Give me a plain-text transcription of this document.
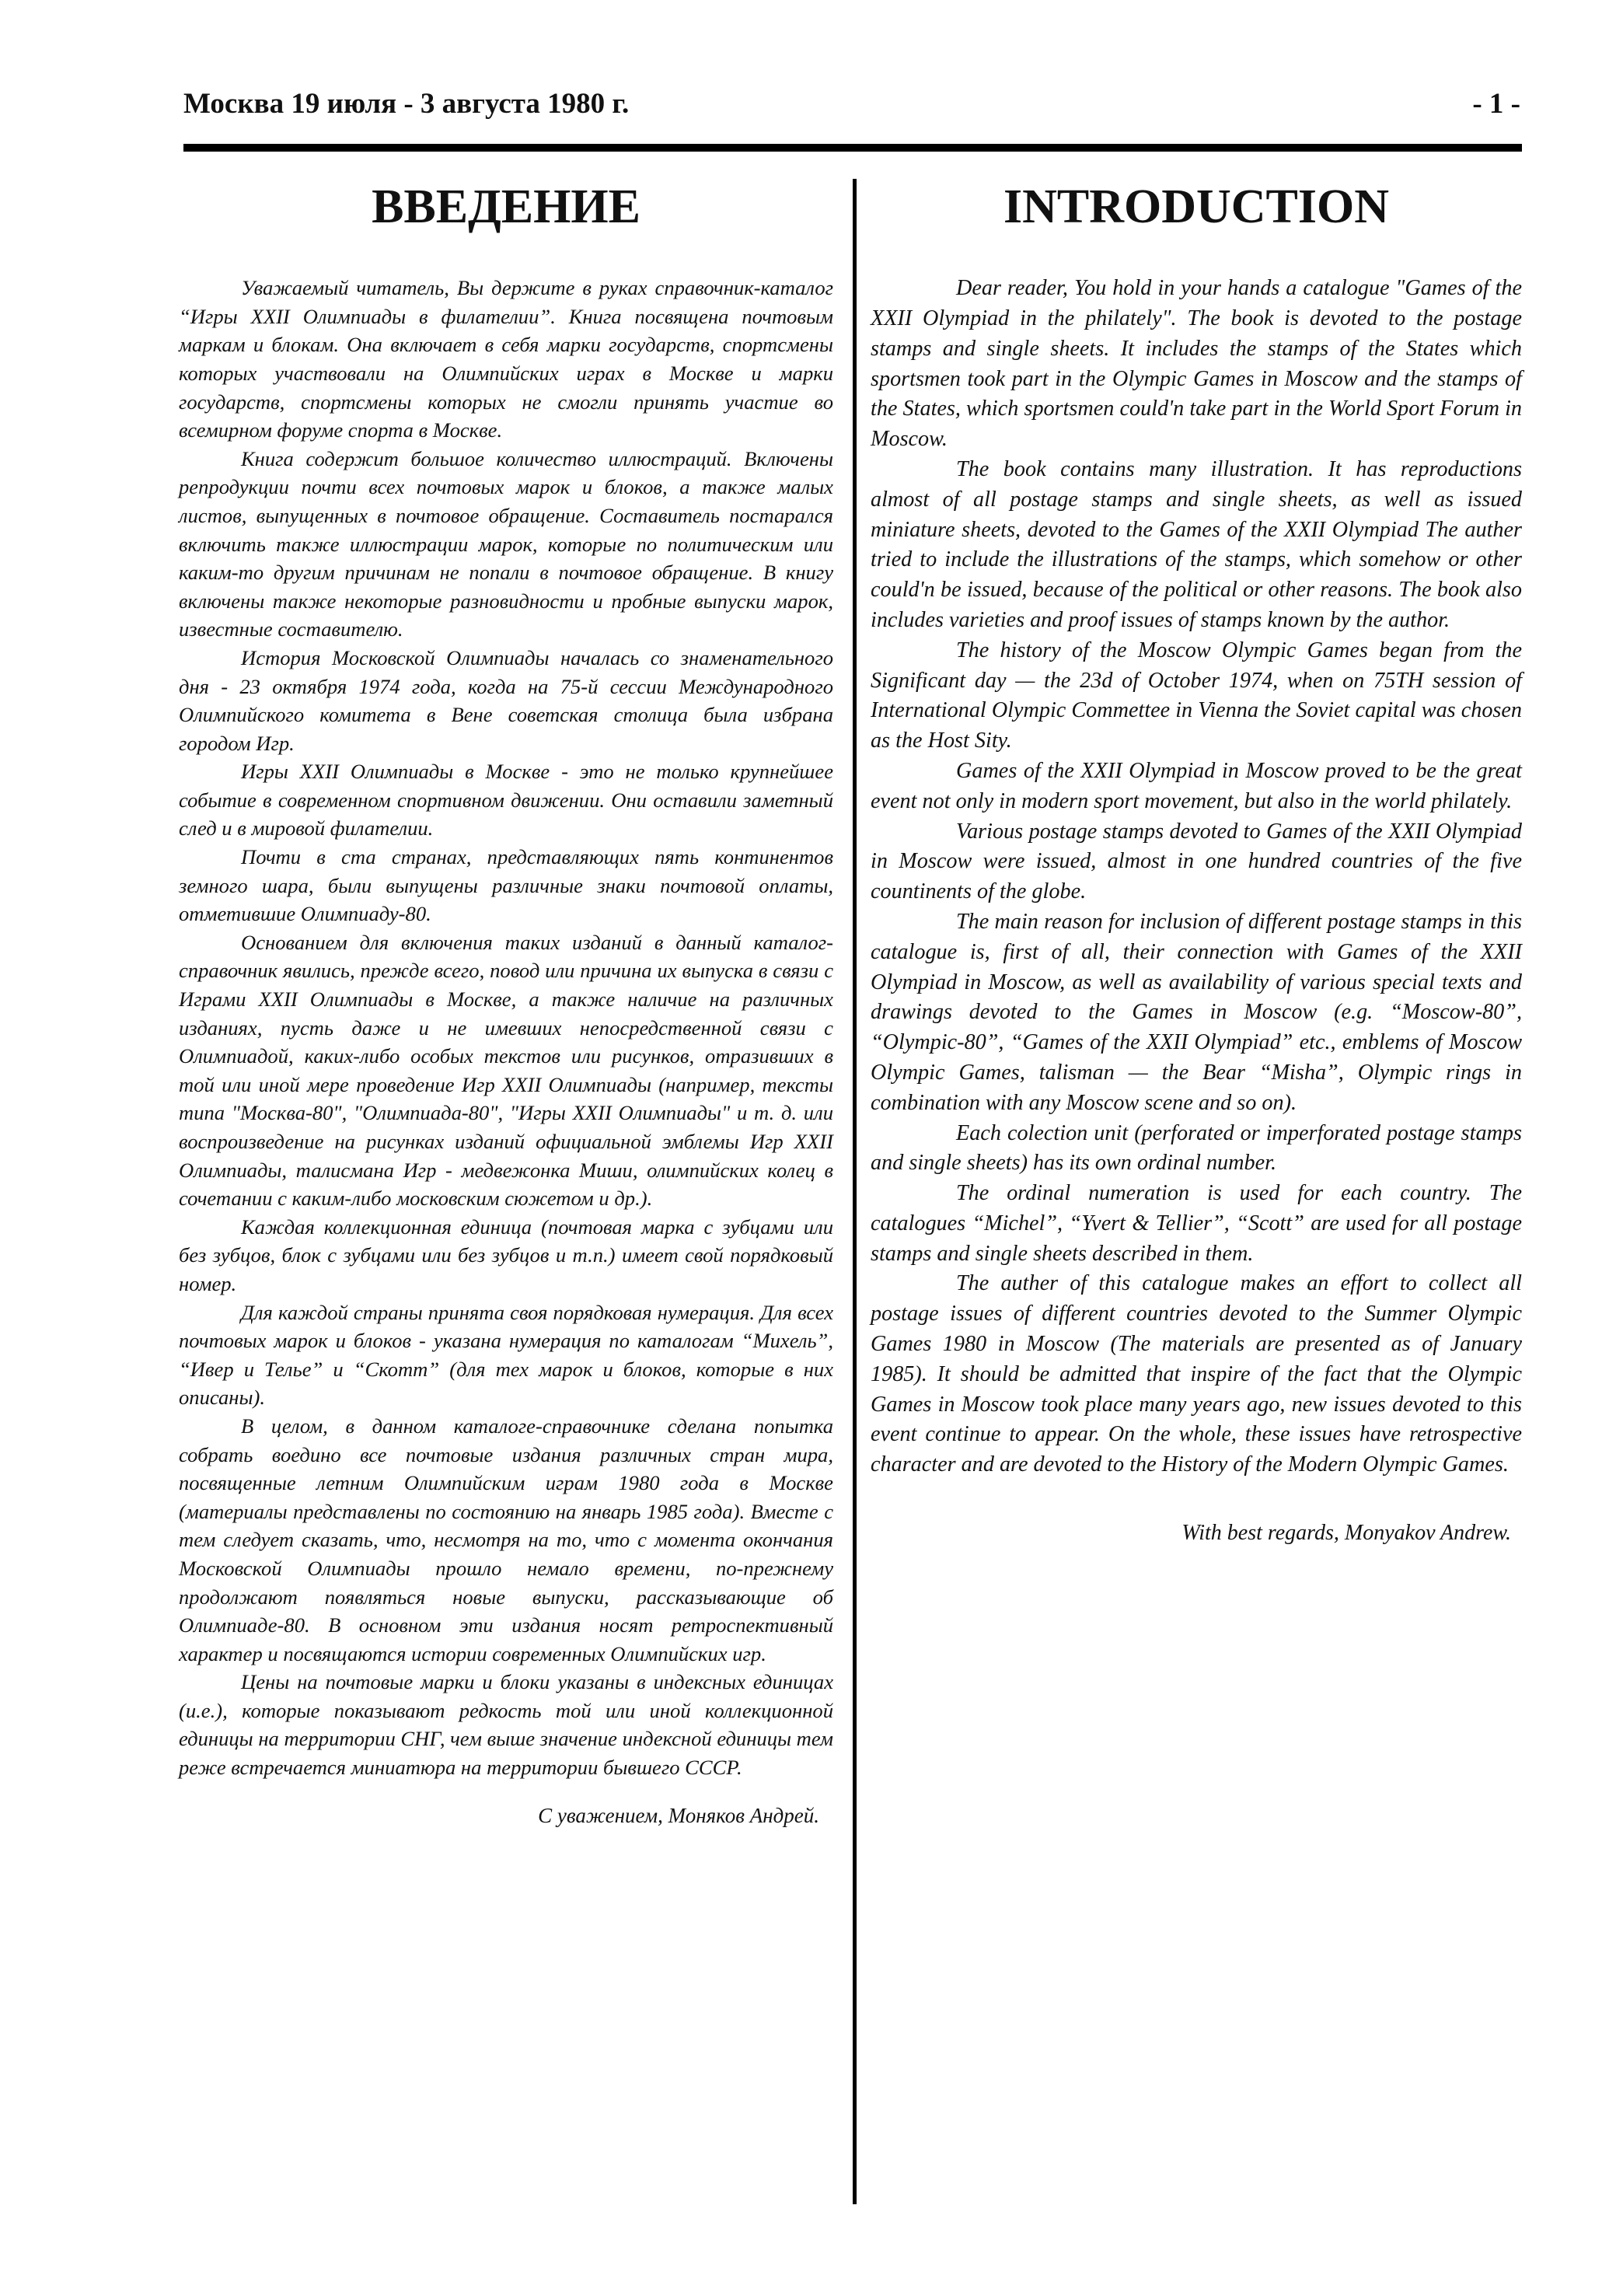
Москва 19 июля - 3 августа 1980 г.	- 1 -
ВВЕДЕНИЕ

Уважаемый читатель, Вы держите в руках справочник-каталог “Игры XXII Олимпиады в филателии”. Книга посвящена почтовым маркам и блокам. Она включает в себя марки государств, спортсмены которых участвовали на Олимпийских играх в Москве и марки государств, спортсмены которых не смогли принять участие во всемирном форуме спорта в Москве.

Книга содержит большое количество иллюстраций. Включены репродукции почти всех почтовых марок и блоков, а также малых листов, выпущенных в почтовое обращение. Составитель постарался включить также иллюстрации марок, которые по политическим или каким-то другим причинам не попали в почтовое обращение. В книгу включены также некоторые разновидности и пробные выпуски марок, известные составителю.

История Московской Олимпиады началась со знаменательного дня - 23 октября 1974 года, когда на 75-й сессии Международного Олимпийского комитета в Вене советская столица была избрана городом Игр.

Игры XXII Олимпиады в Москве - это не только крупнейшее событие в современном спортивном движении. Они оставили заметный след и в мировой филателии.

Почти в ста странах, представляющих пять континентов земного шара, были выпущены различные знаки почтовой оплаты, отметившие Олимпиаду-80.

Основанием для включения таких изданий в данный каталог-справочник явились, прежде всего, повод или причина их выпуска в связи с Играми XXII Олимпиады в Москве, а также наличие на различных изданиях, пусть даже и не имевших непосредственной связи с Олимпиадой, каких-либо особых текстов или рисунков, отразивших в той или иной мере проведение Игр XXII Олимпиады (например, тексты типа "Москва-80", "Олимпиада-80", "Игры XXII Олимпиады" и т. д. или воспроизведение на рисунках изданий официальной эмблемы Игр XXII Олимпиады, талисмана Игр - медвежонка Миши, олимпийских колец в сочетании с каким-либо московским сюжетом и др.).

Каждая коллекционная единица (почтовая марка с зубцами или без зубцов, блок с зубцами или без зубцов и т.п.) имеет свой порядковый номер.

Для каждой страны принята своя порядковая нумерация. Для всех почтовых марок и блоков - указана нумерация по каталогам “Михель”, “Ивер и Телье” и “Скотт” (для тех марок и блоков, которые в них описаны).

В целом, в данном каталоге-справочнике сделана попытка собрать воедино все почтовые издания различных стран мира, посвященные летним Олимпийским играм 1980 года в Москве (материалы представлены по состоянию на январь 1985 года). Вместе с тем следует сказать, что, несмотря на то, что с момента окончания Московской Олимпиады прошло немало времени, по-прежнему продолжают появляться новые выпуски, рассказывающие об Олимпиаде-80. В основном эти издания носят ретроспективный характер и посвящаются истории современных Олимпийских игр.

Цены на почтовые марки и блоки указаны в индексных единицах (и.е.), которые показывают редкость той или иной коллекционной единицы на территории СНГ, чем выше значение индексной единицы тем реже встречается миниатюра на территории бывшего СССР.

С уважением, Моняков Андрей.
INTRODUCTION

Dear reader, You hold in your hands a catalogue "Games of the XXII Olympiad in the philately". The book is devoted to the postage stamps and single sheets. It includes the stamps of the States which sportsmen took part in the Olympic Games in Moscow and the stamps of the States, which sportsmen could'n take part in the World Sport Forum in Moscow.

The book contains many illustration. It has reproductions almost of all postage stamps and single sheets, as well as issued miniature sheets, devoted to the Games of the XXII Olympiad The auther tried to include the illustrations of the stamps, which somehow or other could'n be issued, because of the political or other reasons. The book also includes varieties and proof issues of stamps known by the author.

The history of the Moscow Olympic Games began from the Significant day — the 23d of October 1974, when on 75TH session of International Olympic Commettee in Vienna the Soviet capital was chosen as the Host Sity.

Games of the XXII Olympiad in Moscow proved to be the great event not only in modern sport movement, but also in the world philately.

Various postage stamps devoted to Games of the XXII Olympiad in Moscow were issued, almost in one hundred countries of the five countinents of the globe.

The main reason for inclusion of different postage stamps in this catalogue is, first of all, their connection with Games of the XXII Olympiad in Moscow, as well as availability of various special texts and drawings devoted to the Games in Moscow (e.g. “Moscow-80”, “Olympic-80”, “Games of the XXII Olympiad” etc., emblems of Moscow Olympic Games, talisman — the Bear “Misha”, Olympic rings in combination with any Moscow scene and so on).

Each colection unit (perforated or imperforated postage stamps and single sheets) has its own ordinal number.

The ordinal numeration is used for each country. The catalogues “Michel”, “Yvert & Tellier”, “Scott” are used for all postage stamps and single sheets described in them.

The auther of this catalogue makes an effort to collect all postage issues of different countries devoted to the Summer Olympic Games 1980 in Moscow (The materials are presented as of January 1985). It should be admitted that inspire of the fact that the Olympic Games in Moscow took place many years ago, new issues devoted to this event continue to appear. On the whole, these issues have retrospective character and are devoted to the History of the Modern Olympic Games.

With best regards, Monyakov Andrew.
